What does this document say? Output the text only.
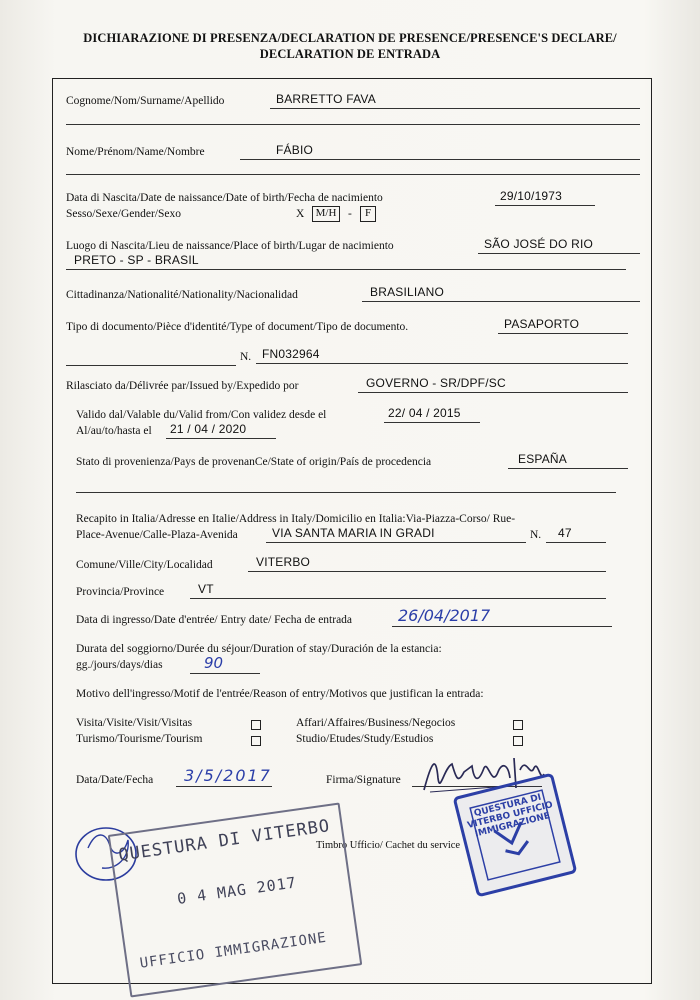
DICHIARAZIONE DI PRESENZA/DECLARATION DE PRESENCE/PRESENCE'S DECLARE/
DECLARATION DE ENTRADA
Cognome/Nom/Surname/Apellido	BARRETTO FAVA
Nome/Prénom/Name/Nombre	FÁBIO
Data di Nascita/Date de naissance/Date of birth/Fecha de nacimiento	29/10/1973
Sesso/Sexe/Gender/Sexo	X	M/H	-	F
Luogo di Nascita/Lieu de naissance/Place of birth/Lugar de nacimiento	SÃO JOSÉ DO RIO
PRETO - SP - BRASIL
Cittadinanza/Nationalité/Nationality/Nacionalidad	BRASILIANO
Tipo di documento/Pièce d'identité/Type of document/Tipo de documento.	PASAPORTO
N. FN032964
Rilasciato da/Délivrée par/Issued by/Expedido por	GOVERNO - SR/DPF/SC
Valido dal/Valable du/Valid from/Con validez desde el	22/ 04 / 2015
Al/au/to/hasta el 21 / 04 / 2020
Stato di provenienza/Pays de provenanCe/State of origin/País de procedencia	ESPAÑA
Recapito in Italia/Adresse en Italie/Address in Italy/Domicilio en Italia:Via-Piazza-Corso/ Rue-
Place-Avenue/Calle-Plaza-Avenida	VIA SANTA MARIA IN GRADI	N. 47
Comune/Ville/City/Localidad	VITERBO
Provincia/Province	VT
Data di ingresso/Date d'entrée/ Entry date/ Fecha de entrada	26/04/2017
Durata del soggiorno/Durée du séjour/Duration of stay/Duración de la estancia:
gg./jours/days/dias	90
Motivo dell'ingresso/Motif de l'entrée/Reason of entry/Motivos que justifican la entrada:
Visita/Visite/Visit/Visitas
Turismo/Tourisme/Tourism
Affari/Affaires/Business/Negocios
Studio/Etudes/Study/Estudios
Data/Date/Fecha 3/5/2017	Firma/Signature
Timbro Ufficio/ Cachet du service
QUESTURA DI VITERBO UFFICIO IMMIGRAZIONE
QUESTURA DI VITERBO
0 4 MAG 2017
UFFICIO IMMIGRAZIONE
